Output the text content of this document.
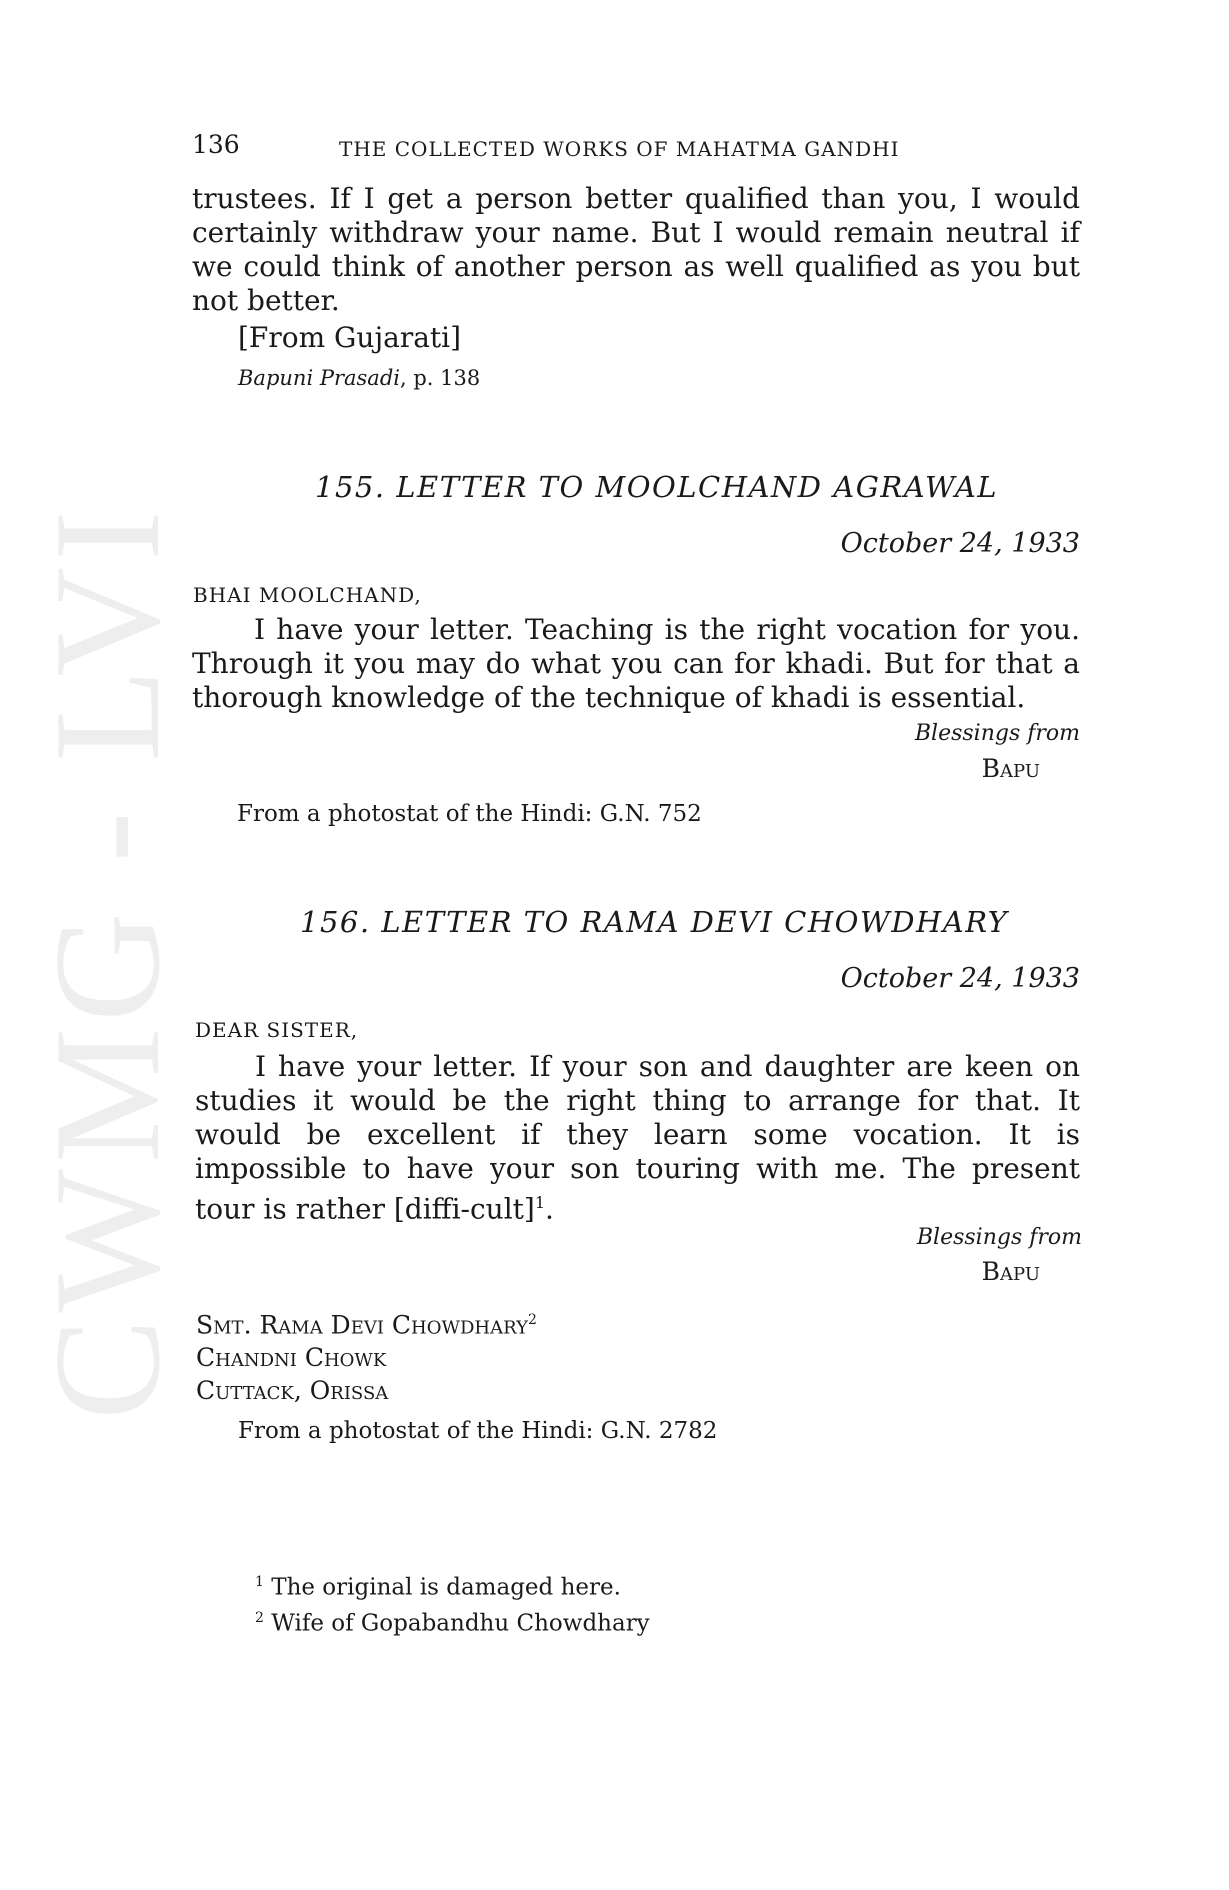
CWMG - LVI
136	THE COLLECTED WORKS OF MAHATMA GANDHI
trustees. If I get a person better qualified than you, I would certainly withdraw your name. But I would remain neutral if we could think of another person as well qualified as you but not better.
[From Gujarati]
Bapuni Prasadi, p. 138
155. LETTER TO MOOLCHAND AGRAWAL
October 24, 1933
BHAI MOOLCHAND,
I have your letter. Teaching is the right vocation for you. Through it you may do what you can for khadi. But for that a thorough knowledge of the technique of khadi is essential.
Blessings from
Bapu
From a photostat of the Hindi: G.N. 752
156. LETTER TO RAMA DEVI CHOWDHARY
October 24, 1933
DEAR SISTER,
I have your letter. If your son and daughter are keen on studies it would be the right thing to arrange for that. It would be excellent if they learn some vocation. It is impossible to have your son touring with me. The present tour is rather [diffi-cult]$^1$.
Blessings from
Bapu
Smt. Rama Devi Chowdhary$^2$
Chandni Chowk
Cuttack, Orissa
From a photostat of the Hindi: G.N. 2782
$^1$ The original is damaged here.
$^2$ Wife of Gopabandhu Chowdhary
